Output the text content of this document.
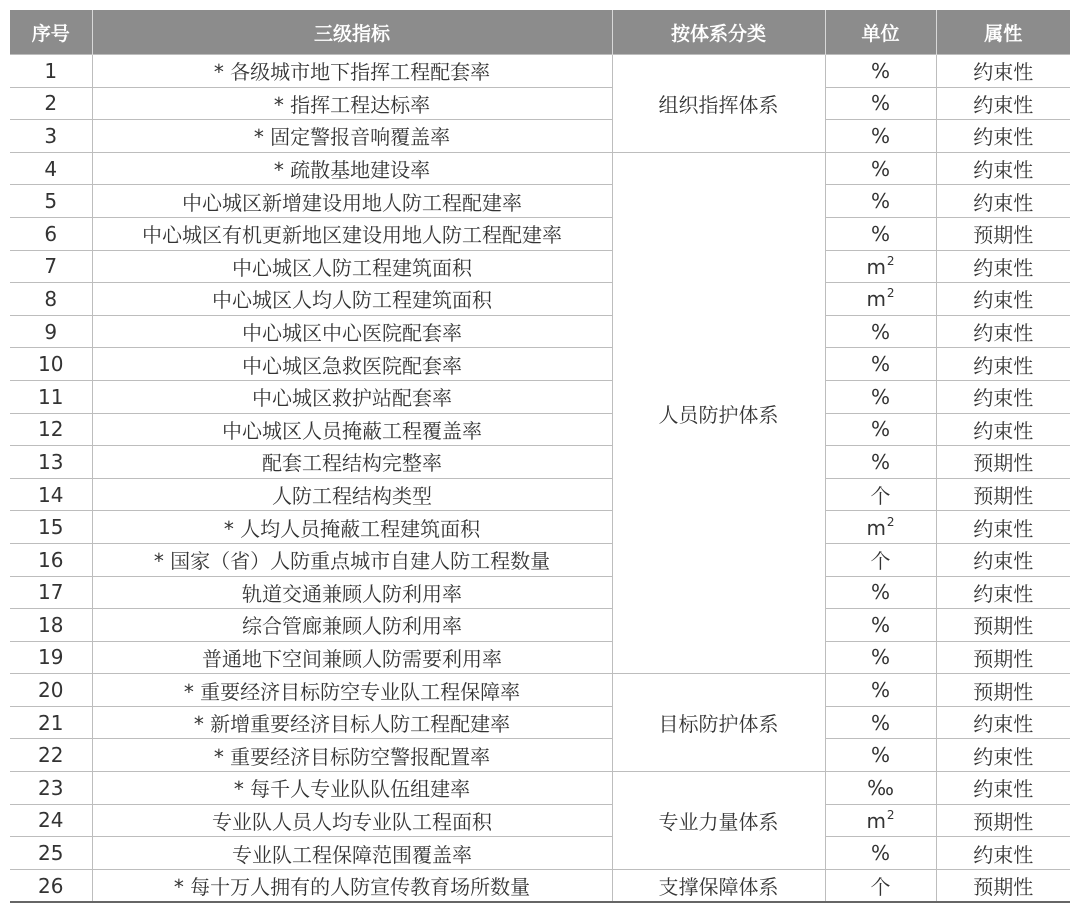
序号	三级指标	按体系分类	单位	属性
1	* 各级城市地下指挥工程配套率	组织指挥体系	%	约束性
2	* 指挥工程达标率		%	约束性
3	* 固定警报音响覆盖率		%	约束性
4	* 疏散基地建设率	人员防护体系	%	约束性
5	中心城区新增建设用地人防工程配建率		%	约束性
6	中心城区有机更新地区建设用地人防工程配建率		%	预期性
7	中心城区人防工程建筑面积		$m^2$	约束性
8	中心城区人均人防工程建筑面积		$m^2$	约束性
9	中心城区中心医院配套率		%	约束性
10	中心城区急救医院配套率		%	约束性
11	中心城区救护站配套率		%	约束性
12	中心城区人员掩蔽工程覆盖率		%	约束性
13	配套工程结构完整率		%	预期性
14	人防工程结构类型		个	预期性
15	* 人均人员掩蔽工程建筑面积		$m^2$	约束性
16	* 国家（省）人防重点城市自建人防工程数量		个	约束性
17	轨道交通兼顾人防利用率		%	约束性
18	综合管廊兼顾人防利用率		%	预期性
19	普通地下空间兼顾人防需要利用率		%	预期性
20	* 重要经济目标防空专业队工程保障率	目标防护体系	%	预期性
21	* 新增重要经济目标人防工程配建率		%	约束性
22	* 重要经济目标防空警报配置率		%	约束性
23	* 每千人专业队队伍组建率	专业力量体系	‰	约束性
24	专业队人员人均专业队工程面积		$m^2$	预期性
25	专业队工程保障范围覆盖率		%	约束性
26	* 每十万人拥有的人防宣传教育场所数量	支撑保障体系	个	预期性
